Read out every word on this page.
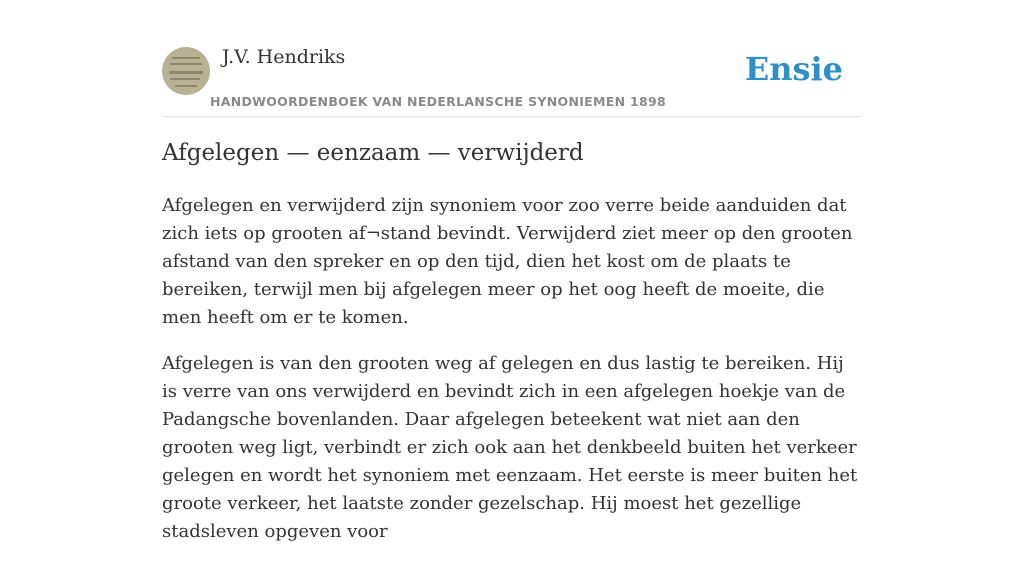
J.V. Hendriks
HANDWOORDENBOEK VAN NEDERLANSCHE SYNONIEMEN 1898
Ensie
Afgelegen — eenzaam — verwijderd

Afgelegen en verwijderd zijn synoniem voor zoo verre beide aanduiden dat zich iets op grooten af¬stand bevindt. Verwijderd ziet meer op den grooten afstand van den spreker en op den tijd, dien het kost om de plaats te bereiken, terwijl men bij afgelegen meer op het oog heeft de moeite, die men heeft om er te komen.

Afgelegen is van den grooten weg af gelegen en dus lastig te bereiken. Hij is verre van ons verwijderd en bevindt zich in een afgelegen hoekje van de Padangsche bovenlanden. Daar afgelegen beteekent wat niet aan den grooten weg ligt, verbindt er zich ook aan het denkbeeld buiten het verkeer gelegen en wordt het synoniem met eenzaam. Het eerste is meer buiten het groote verkeer, het laatste zonder gezelschap. Hij moest het gezellige stadsleven opgeven voor
